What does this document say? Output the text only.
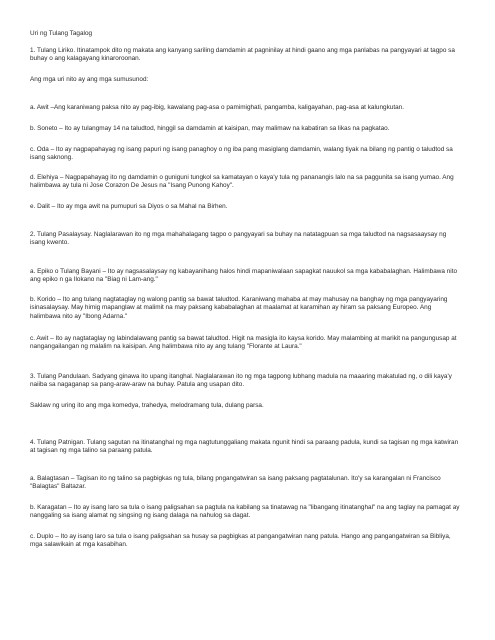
Uri ng Tulang Tagalog

1. Tulang Liriko. Itinatampok dito ng makata ang kanyang sariling damdamin at pagninilay at hindi gaano ang mga panlabas na pangyayari at tagpo sa buhay o ang kalagayang kinaroroonan.

Ang mga uri nito ay ang mga sumusunod:

a. Awit –Ang karaniwang paksa nito ay pag-ibig, kawalang pag-asa o pamimighati, pangamba, kaligayahan, pag-asa at kalungkutan.

b. Soneto – Ito ay tulangmay 14 na taludtod, hinggil sa damdamin at kaisipan, may malimaw na kabatiran sa likas na pagkatao.

c. Oda – Ito ay nagpapahayag ng isang papuri ng isang panaghoy o ng iba pang masiglang damdamin, walang tiyak na bilang ng pantig o taludtod sa isang saknong.

d. Elehiya – Nagpapahayag ito ng damdamin o guniguni tungkol sa kamatayan o kaya'y tula ng pananangis lalo na sa paggunita sa isang yumao. Ang halimbawa ay tula ni Jose Corazon De Jesus na "Isang Punong Kahoy".

e. Dalit – Ito ay mga awit na pumupuri sa Diyos o sa Mahal na Birhen.

2. Tulang Pasalaysay. Naglalarawan ito ng mga mahahalagang tagpo o pangyayari sa buhay na natatagpuan sa mga taludtod na nagsasaaysay ng isang kwento.

a. Epiko o Tulang Bayani – Ito ay nagsasalaysay ng kabayanihang halos hindi mapaniwalaan sapagkat nauukol sa mga kababalaghan. Halimbawa nito ang epiko n ga Ilokano na "Biag ni Lam-ang."

b. Korido – Ito ang tulang nagtataglay ng walong pantig sa bawat taludtod. Karaniwang mahaba at may mahusay na banghay ng mga pangyayaring isinasalaysay. May himig mapanglaw at malimit na may paksang kababalaghan at maalamat at karamihan ay hiram sa paksang Europeo. Ang halimbawa nito ay "Ibong Adarna."

c. Awit – Ito ay nagtataglay ng labindalawang pantig sa bawat taludtod. Higit na masigla ito kaysa korido. May malambing at marikit na pangungusap at nangangailangan ng malalim na kaisipan. Ang halimbawa nito ay ang tulang "Florante at Laura."

3. Tulang Pandulaan. Sadyang ginawa ito upang itanghal. Naglalarawan ito ng mga tagpong lubhang madula na maaaring makatulad ng, o dili kaya'y naiiba sa nagaganap sa pang-araw-araw na buhay. Patula ang usapan dito.

Saklaw ng uring ito ang mga komedya, trahedya, melodramang tula, dulang parsa.

4. Tulang Patnigan. Tulang sagutan na itinatanghal ng mga nagtutunggaliang makata ngunit hindi sa paraang padula, kundi sa tagisan ng mga katwiran at tagisan ng mga talino sa paraang patula.

a. Balagtasan – Tagisan ito ng talino sa pagbigkas ng tula, bilang pngangatwiran sa isang paksang pagtatalunan. Ito'y sa karangalan ni Francisco "Balagtas" Baltazar.

b. Karagatan – Ito ay isang laro sa tula o isang paligsahan sa pagtula na kabilang sa tinatawag na "libangang itinatanghal" na ang taglay na pamagat ay nanggaling sa isang alamat ng singsing ng isang dalaga na nahulog sa dagat.

c. Duplo – Ito ay isang laro sa tula o isang paligsahan sa husay sa pagbigkas at pangangatwiran nang patula. Hango ang pangangatwiran sa Bibliya, mga salawikain at mga kasabihan.
